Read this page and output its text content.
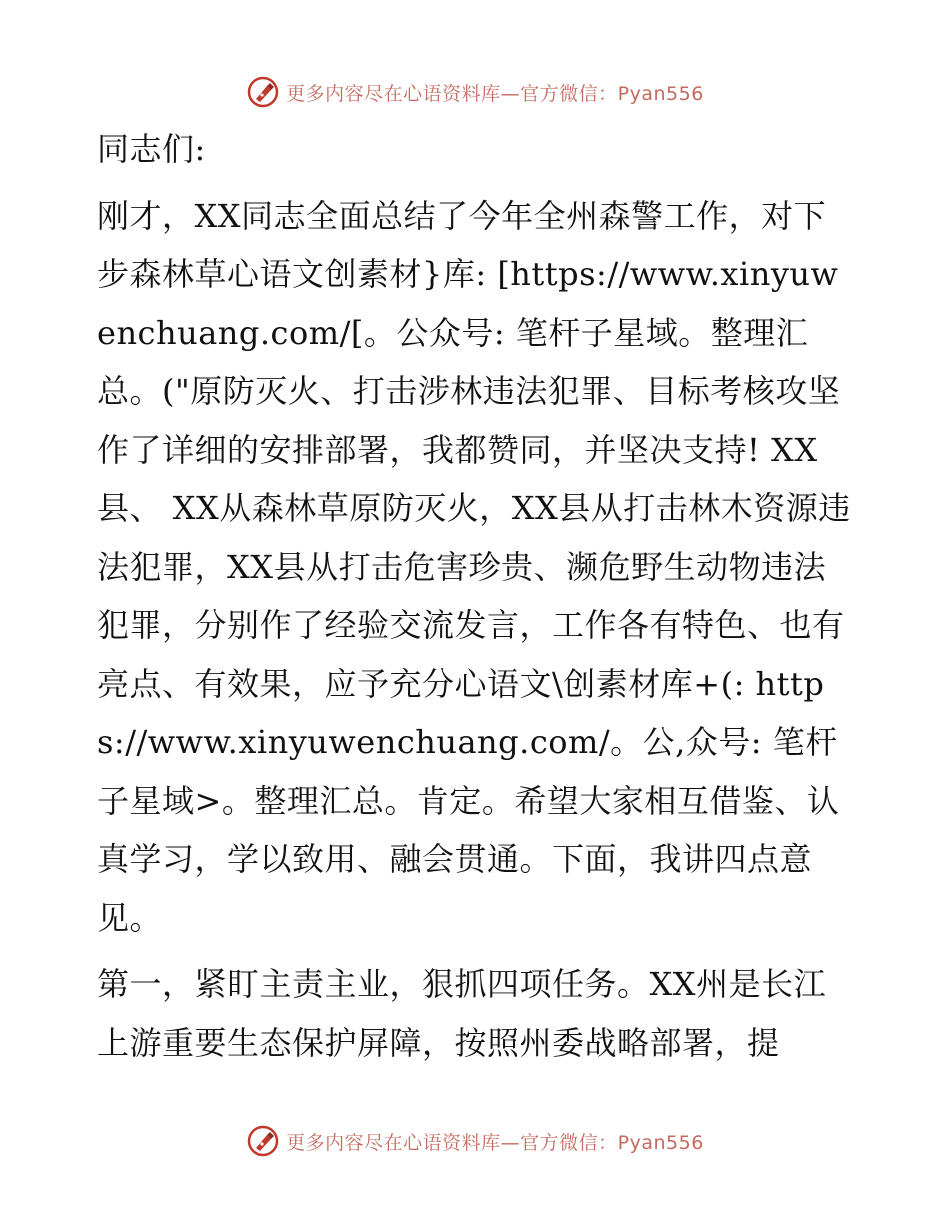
更多内容尽在心语资料库—官方微信：Pyan556

同志们:

刚才，XX同志全面总结了今年全州森警工作，对下步森林草心语文创素材}库: [https://www.xinyuwenchuang.com/[。公众号: 笔杆子星域。整理汇总。("原防灭火、打击涉林违法犯罪、目标考核攻坚作了详细的安排部署，我都赞同，并坚决支持! XX县、 XX从森林草原防灭火，XX县从打击林木资源违法犯罪，XX县从打击危害珍贵、濒危野生动物违法犯罪，分别作了经验交流发言，工作各有特色、也有亮点、有效果，应予充分心语文\创素材库+(: https://www.xinyuwenchuang.com/。公,众号: 笔杆子星域>。整理汇总。肯定。希望大家相互借鉴、认真学习，学以致用、融会贯通。下面，我讲四点意见。

第一，紧盯主责主业，狠抓四项任务。XX州是长江上游重要生态保护屏障，按照州委战略部署，提

更多内容尽在心语资料库—官方微信：Pyan556
